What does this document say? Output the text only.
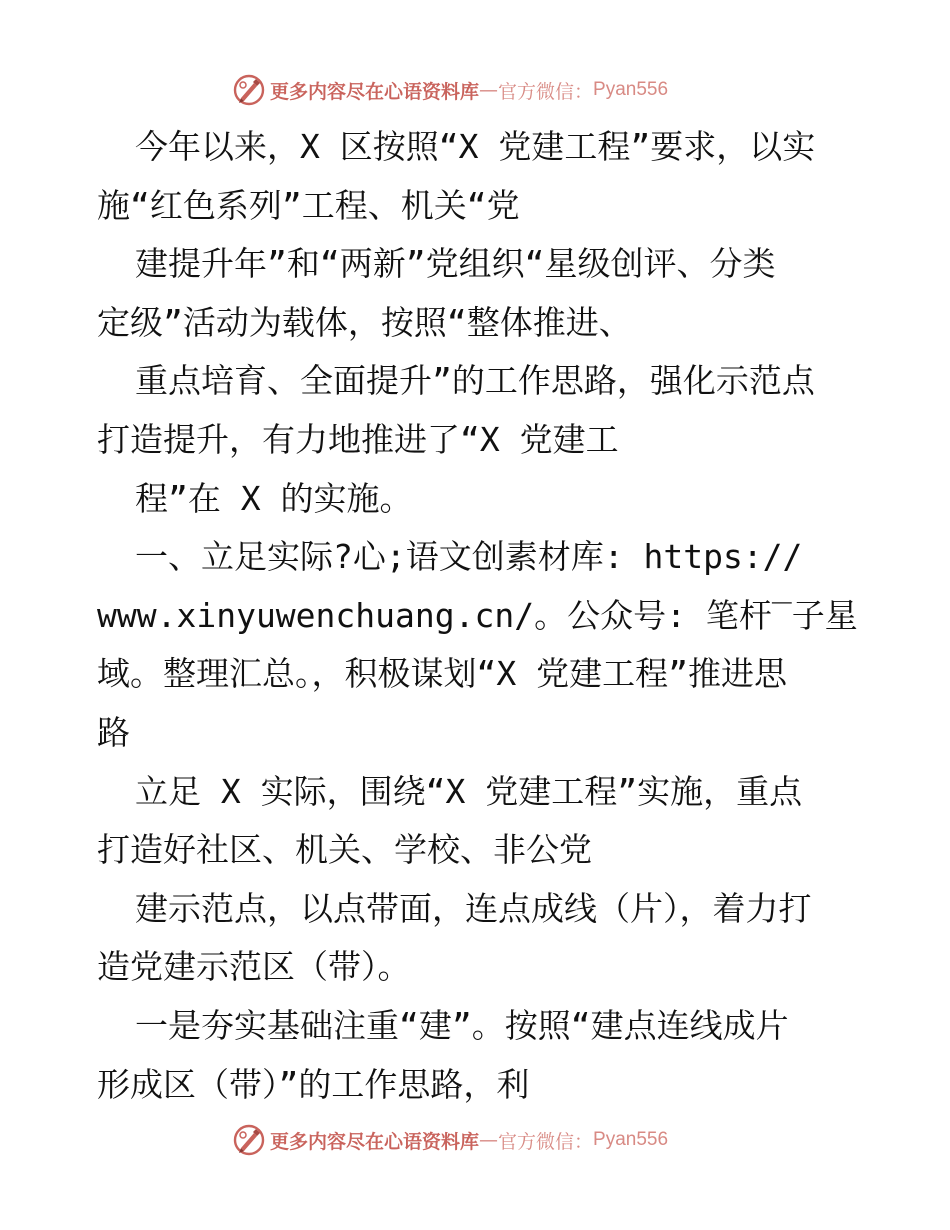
更多内容尽在心语资料库 — 官方微信： Pyan556
今年以来，X 区按照“X 党建工程”要求，以实
施“红色系列”工程、机关“党
建提升年”和“两新”党组织“星级创评、分类
定级”活动为载体，按照“整体推进、
重点培育、全面提升”的工作思路，强化示范点
打造提升，有力地推进了“X 党建工
程”在 X 的实施。
一、立足实际?心;语文创素材库: https://
www.xinyuwenchuang.cn/。公众号: 笔杆‾子星
域。整理汇总。，积极谋划“X 党建工程”推进思
路
立足 X 实际，围绕“X 党建工程”实施，重点
打造好社区、机关、学校、非公党
建示范点，以点带面，连点成线（片），着力打
造党建示范区（带）。
一是夯实基础注重“建”。按照“建点连线成片
形成区（带）”的工作思路，利
更多内容尽在心语资料库 — 官方微信： Pyan556
